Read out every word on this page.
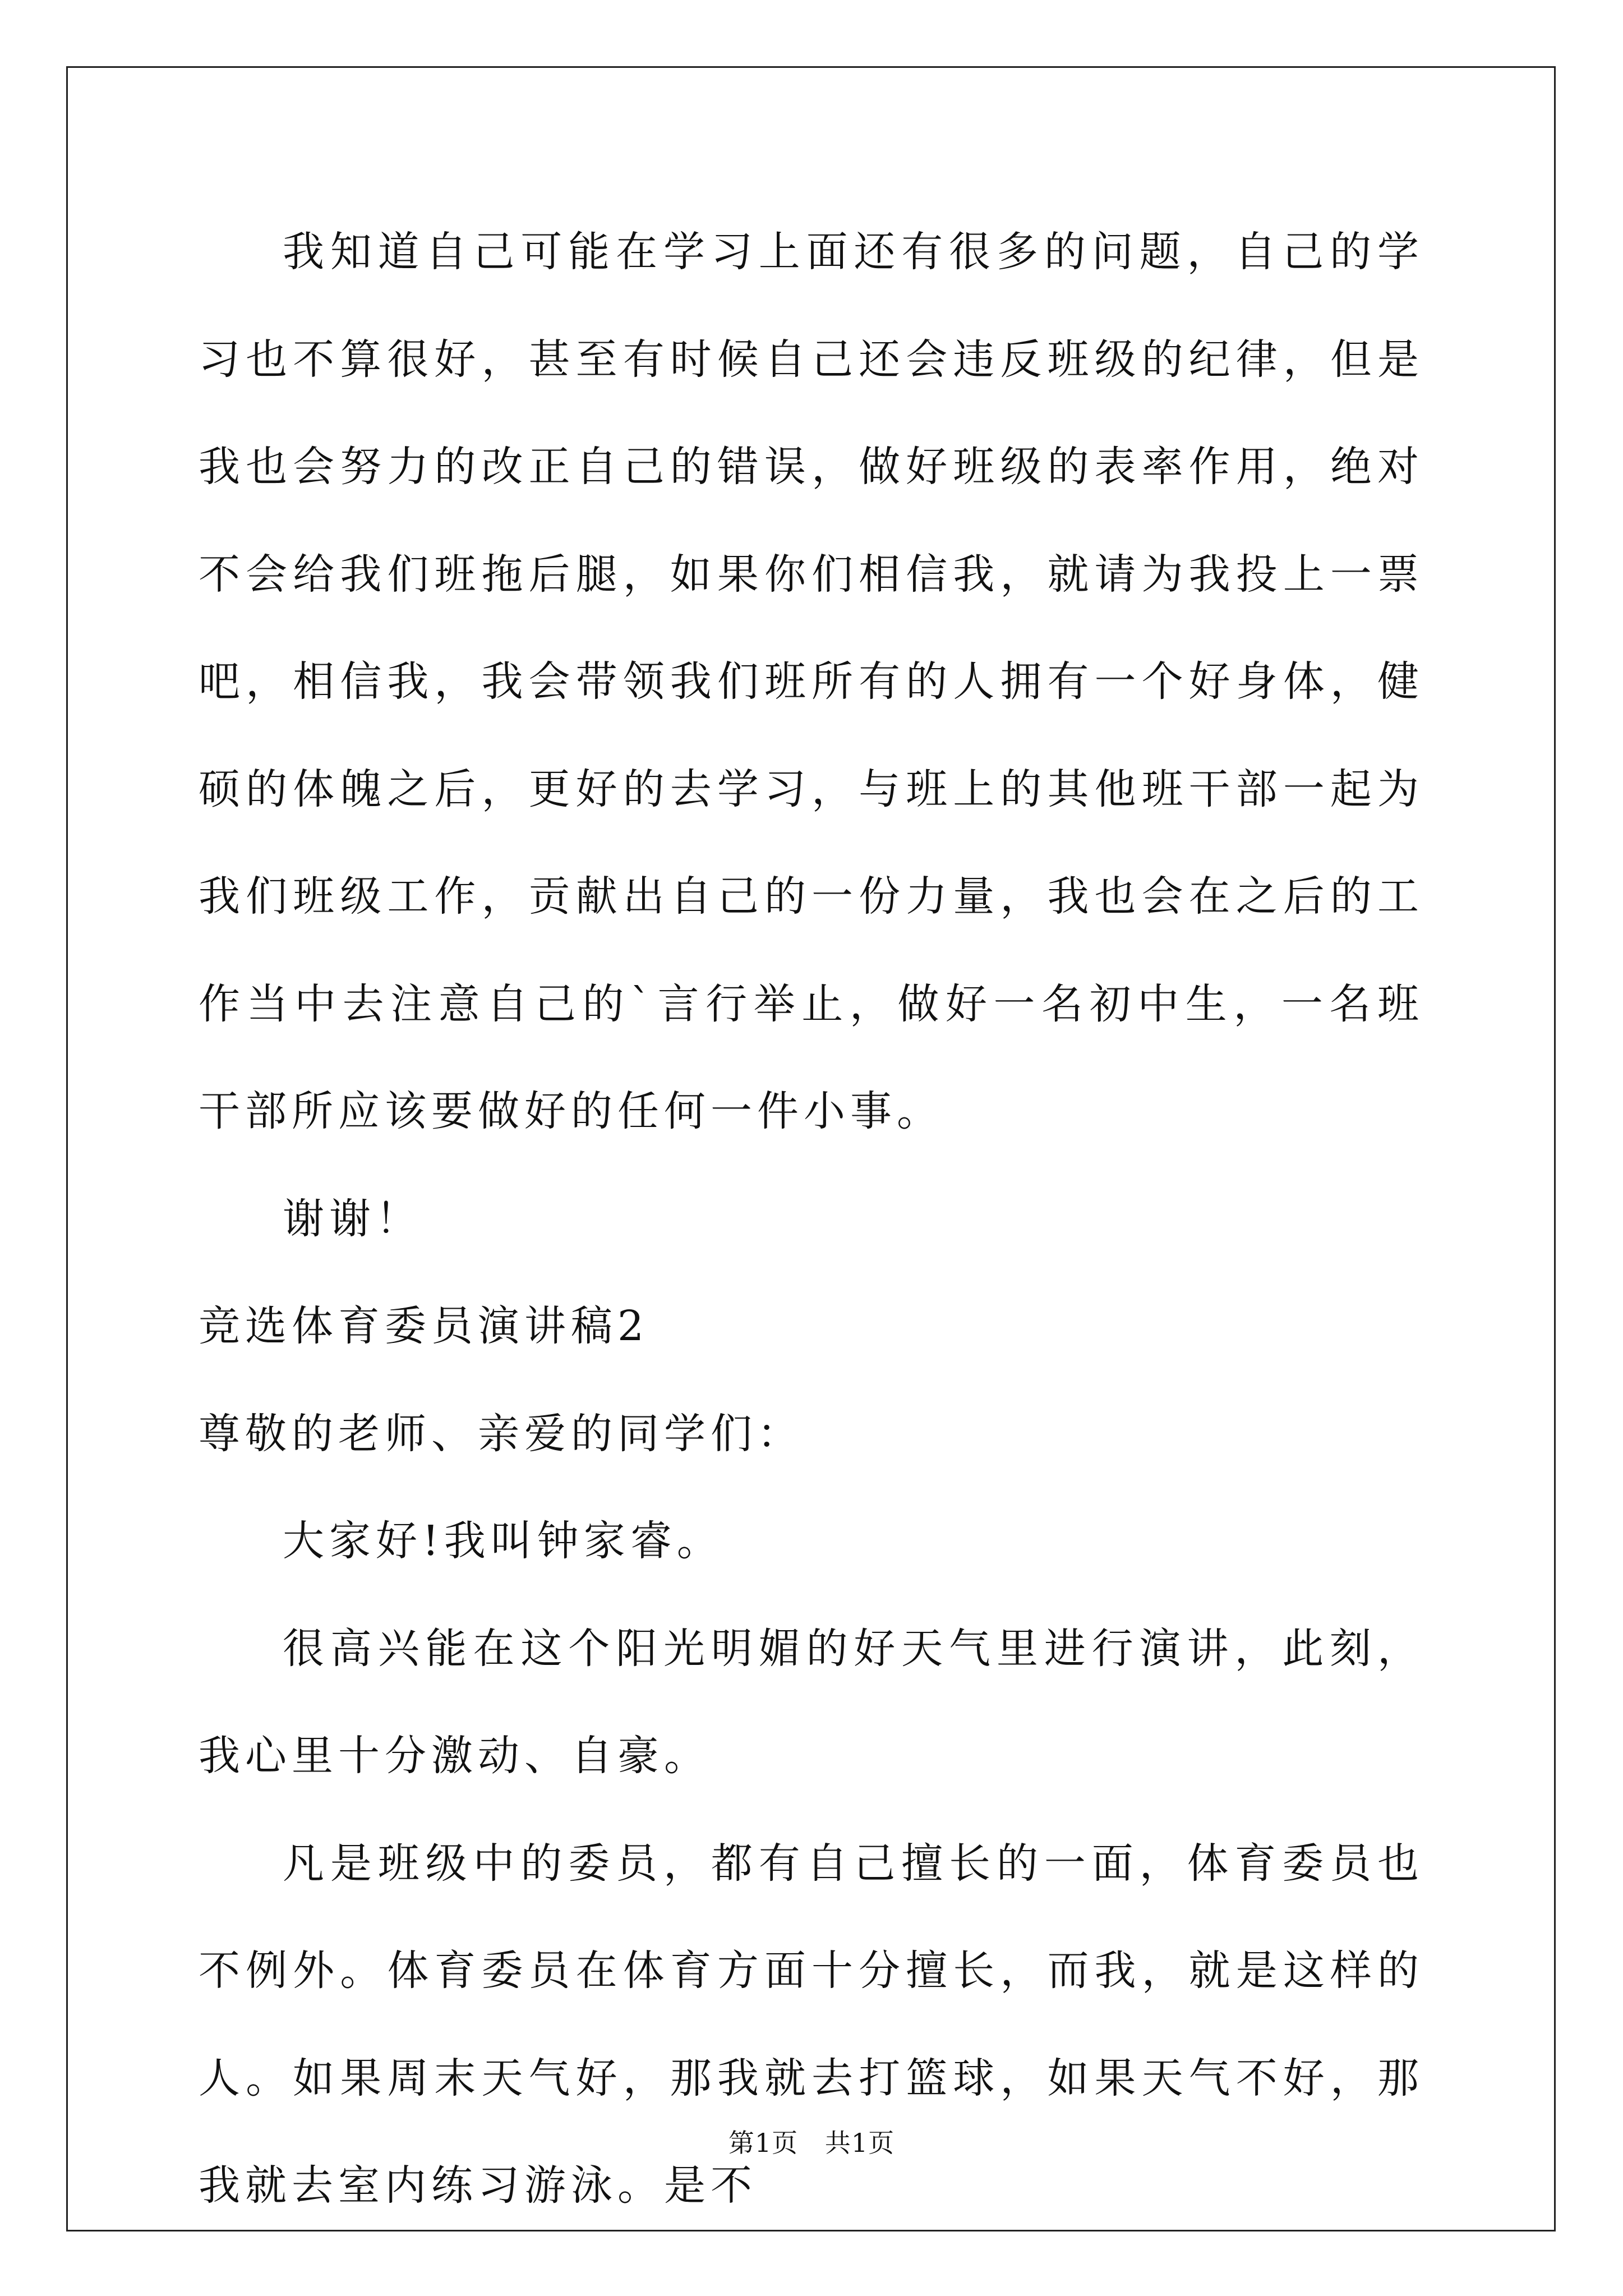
我知道自己可能在学习上面还有很多的问题，自己的学习也不算很好，甚至有时候自己还会违反班级的纪律，但是我也会努力的改正自己的错误，做好班级的表率作用，绝对不会给我们班拖后腿，如果你们相信我，就请为我投上一票吧，相信我，我会带领我们班所有的人拥有一个好身体，健硕的体魄之后，更好的去学习，与班上的其他班干部一起为我们班级工作，贡献出自己的一份力量，我也会在之后的工作当中去注意自己的`言行举止，做好一名初中生，一名班干部所应该要做好的任何一件小事。

谢谢！

竞选体育委员演讲稿2

尊敬的老师、亲爱的同学们：

大家好!我叫钟家睿。

很高兴能在这个阳光明媚的好天气里进行演讲，此刻，我心里十分激动、自豪。

凡是班级中的委员，都有自己擅长的一面，体育委员也不例外。体育委员在体育方面十分擅长，而我，就是这样的人。如果周末天气好，那我就去打篮球，如果天气不好，那我就去室内练习游泳。是不

第1页 共1页
